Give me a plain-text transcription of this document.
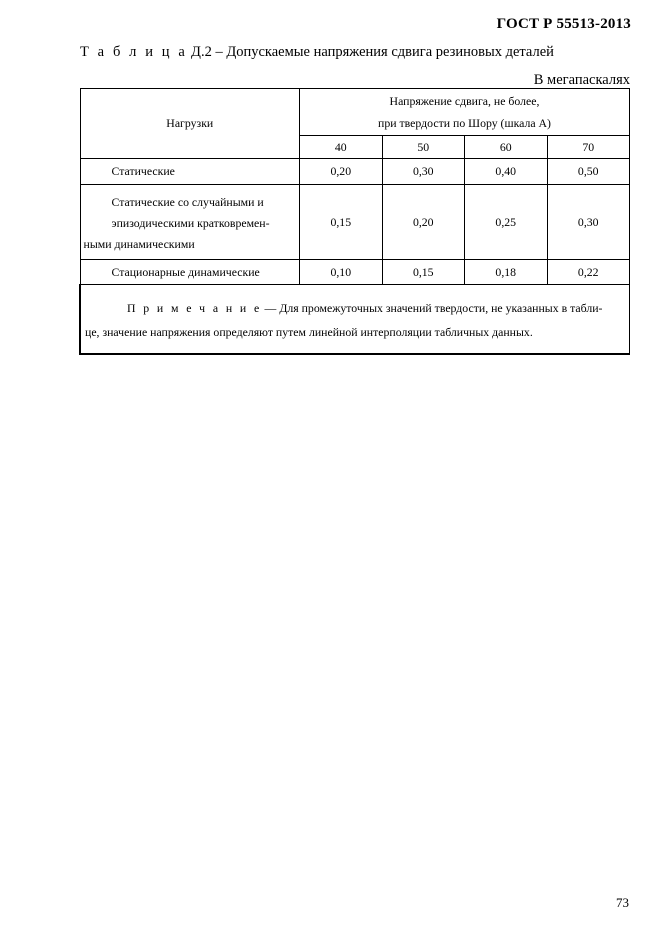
ГОСТ Р 55513-2013
Т а б л и ц а Д.2 – Допускаемые напряжения сдвига резиновых деталей
В мегапаскалях
Нагрузки	Напряжение сдвига, не более,
при твердости по Шору (шкала А)			

	40	50	60	70

Статические	0,20	0,30	0,40	0,50

Статические со случайными и
эпизодическими кратковремен-
ными динамическими	0,15	0,20	0,25	0,30

Стационарные динамические	0,10	0,15	0,18	0,22

П р и м е ч а н и е — Для промежуточных значений твердости, не указанных в табли-
це, значение напряжения определяют путем линейной интерполяции табличных данных.				
73
